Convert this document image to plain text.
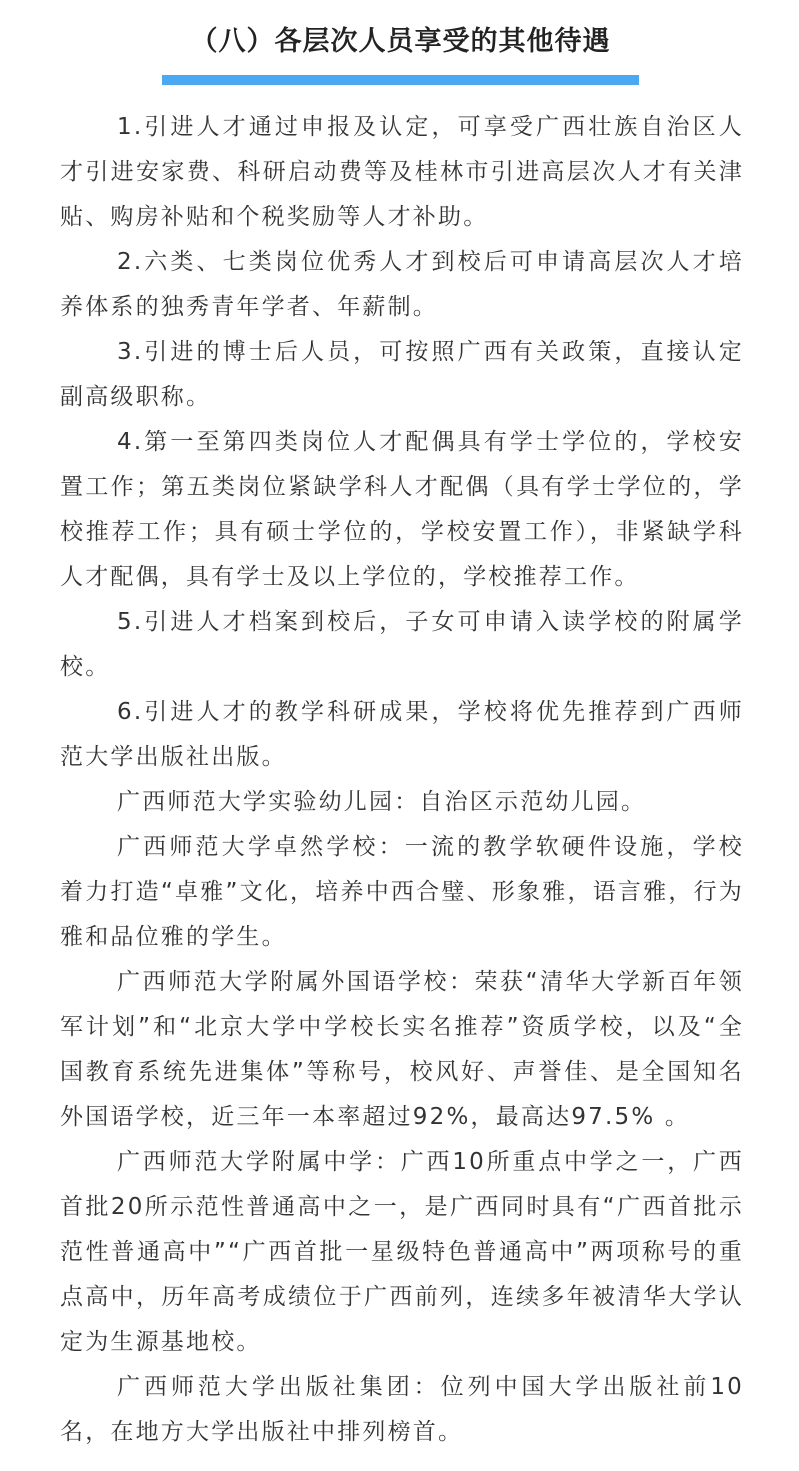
（八）各层次人员享受的其他待遇

1.引进人才通过申报及认定，可享受广西壮族自治区人才引进安家费、科研启动费等及桂林市引进高层次人才有关津贴、购房补贴和个税奖励等人才补助。

2.六类、七类岗位优秀人才到校后可申请高层次人才培养体系的独秀青年学者、年薪制。

3.引进的博士后人员，可按照广西有关政策，直接认定副高级职称。

4.第一至第四类岗位人才配偶具有学士学位的，学校安置工作；第五类岗位紧缺学科人才配偶（具有学士学位的，学校推荐工作；具有硕士学位的，学校安置工作），非紧缺学科人才配偶，具有学士及以上学位的，学校推荐工作。

5.引进人才档案到校后，子女可申请入读学校的附属学校。

6.引进人才的教学科研成果，学校将优先推荐到广西师范大学出版社出版。

广西师范大学实验幼儿园：自治区示范幼儿园。

广西师范大学卓然学校：一流的教学软硬件设施，学校着力打造“卓雅”文化，培养中西合璧、形象雅，语言雅，行为雅和品位雅的学生。

广西师范大学附属外国语学校：荣获“清华大学新百年领军计划”和“北京大学中学校长实名推荐”资质学校，以及“全国教育系统先进集体”等称号，校风好、声誉佳、是全国知名外国语学校，近三年一本率超过92%，最高达97.5% 。

广西师范大学附属中学：广西10所重点中学之一，广西首批20所示范性普通高中之一，是广西同时具有“广西首批示范性普通高中”“广西首批一星级特色普通高中”两项称号的重点高中，历年高考成绩位于广西前列，连续多年被清华大学认定为生源基地校。

广西师范大学出版社集团：位列中国大学出版社前10名，在地方大学出版社中排列榜首。
